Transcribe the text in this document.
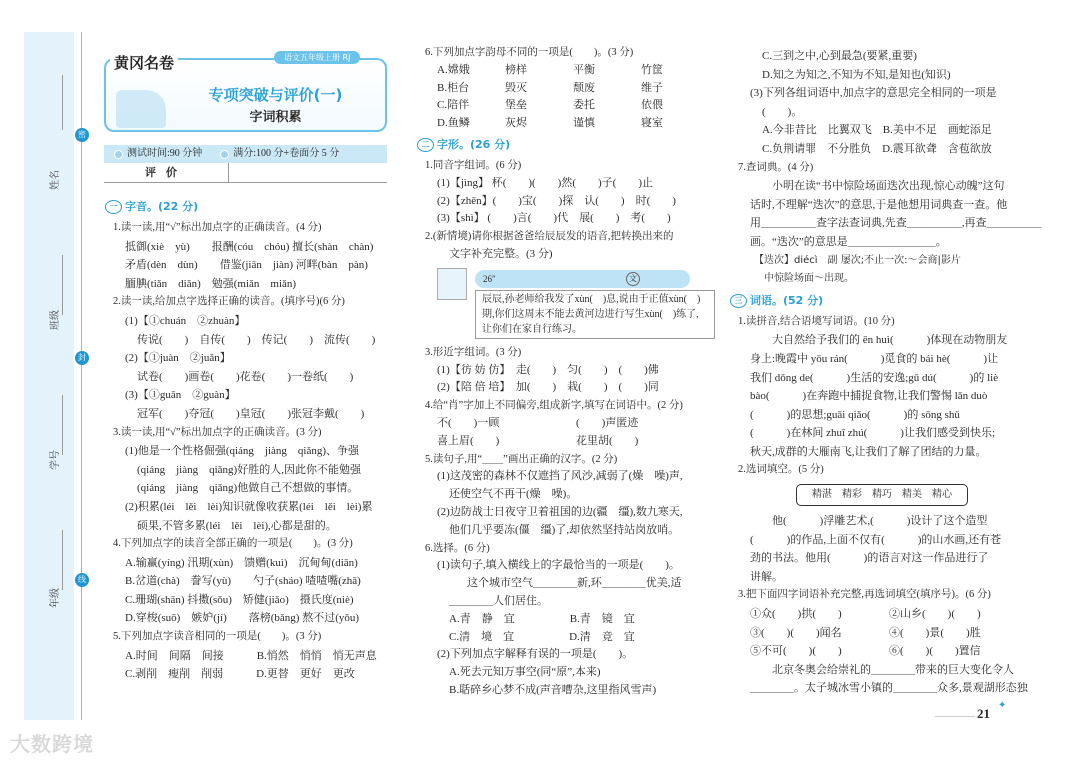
密
封
线
姓名
班级
学号
年级
大数跨境
专项突破与评价(一)
字词积累
黄冈名卷	语文五年级上册 RJ
测试时间:90 分钟	满分:100 分+卷面分 5 分
评价
一 字音。(22 分)
1.读一读,用“√”标出加点字的正确读音。(4 分)
抵御(xiè　yù)　　报酬(cóu　chóu) 擅长(shàn　chàn)
矛盾(dèn　dùn)　　借鉴(jiān　jiàn) 河畔(bàn　pàn)
腼腆(tiǎn　diǎn)　勉强(miǎn　miǎn)
2.读一读,给加点字选择正确的读音。(填序号)(6 分)
(1)【①chuán　②zhuàn】
传说(　　)　自传(　　)　传记(　　)　流传(　　)
(2)【①juàn　②juǎn】
试卷(　　)画卷(　　)花卷(　　)一卷纸(　　)
(3)【①guān　②guàn】
冠军(　　)夺冠(　　)皇冠(　　)张冠李戴(　　)
3.读一读,用“√”标出加点字的正确读音。(3 分)
(1)他是一个性格倔强(qiáng　jiàng　qiǎng)、争强
(qiáng　jiàng　qiǎng)好胜的人,因此你不能勉强
(qiáng　jiàng　qiǎng)他做自己不想做的事情。
(2)积累(léi　lěi　lèi)知识就像收获累(léi　lěi　lèi)累
硕果,不管多累(léi　lěi　lèi),心都是甜的。
4.下列加点字的读音全部正确的一项是(　　)。(3 分)
A.输赢(yíng) 汛期(xùn)　馈赠(kuì)　沉甸甸(diān)
B.岔道(chà)　誊写(yù)　　勺子(sháo) 喳喳嘴(zhā)
C.珊瑚(shān) 抖擞(sǒu)　矫健(jiǎo)　摄氏度(niè)
D.穿梭(suō)　嫉妒(jí)　　落榜(bǎng) 熬不过(yǒu)
5.下列加点字读音相同的一项是(　　)。(3 分)
A.时间　间隔　间接　　　B.悄然　悄悄　悄无声息
C.剥削　瘦削　削弱　　　D.更替　更好　更改
6.下列加点字韵母不同的一项是(　　)。(3 分)
A.嫦娥	榜样	平衡	竹筐
B.柜台	毁灭	颓废	维子
C.陪伴	堡垒	委托	依偎
D.鱼鳞	灰烬	谨慎	寝室
二 字形。(26 分)
1.同音字组词。(6 分)
(1)【jìng】 杯(　　)(　　)然(　　)子(　　)止
(2)【zhēn】(　　)宝(　　)探　认(　　)　时(　　)
(3)【shì】 (　　)言(　　)代　展(　　)　考(　　)
2.(新情境)请你根据爸爸给辰辰发的语音,把转换出来的
文字补充完整。(3 分)
26″	文
辰辰,孙老师给我发了xùn(　)息,说由于正值xùn(　)期,你们这周末不能去黄河边进行写生xùn(　)练了,让你们在家自行练习。
3.形近字组词。(3 分)
(1)【彷 妨 仿】　走(　　)　匀(　　)　(　　)佛
(2)【陪 倍 培】　加(　　)　栽(　　)　(　　)同
4.给“肖”字加上不同偏旁,组成新字,填写在词语中。(2 分)
不(　　)一顾	(　　)声匿迹
喜上眉(　　)	花里胡(　　)
5.读句子,用“＿＿”画出正确的汉字。(2 分)
(1)这茂密的森林不仅遮挡了风沙,减弱了(燥　噪)声,
还使空气不再干(燥　噪)。
(2)边防战士日夜守卫着祖国的边(疆　缰),数九寒天,
他们几乎要冻(僵　缰)了,却依然坚持站岗放哨。
6.选择。(6 分)
(1)读句子,填入横线上的字最恰当的一项是(　　)。
这个城市空气＿＿＿＿新,环＿＿＿＿优美,适
＿＿＿＿人们居住。
A.青　静　宜　　　　　B.青　镜　宜
C.清　境　宜　　　　　D.清　竞　宜
(2)下列加点字解释有误的一项是(　　)。
A.死去元知万事空(同“原”,本来)
B.聒碎乡心梦不成(声音嘈杂,这里指风雪声)
C.三到之中,心到最急(要紧,重要)
D.知之为知之,不知为不知,是知也(知识)
(3)下列各组词语中,加点字的意思完全相同的一项是
(　　)。
A.今非昔比　比翼双飞　B.美中不足　画蛇添足
C.负荆请罪　不分胜负　D.震耳欲聋　含苞欲放
7.查词典。(4 分)
小明在读“书中惊险场面迭次出现,惊心动魄”这句
话时,不理解“迭次”的意思,于是他想用词典查一查。他
用＿＿＿＿＿查字法查词典,先查＿＿＿＿＿,再查＿＿＿＿＿
画。“迭次”的意思是＿＿＿＿＿＿＿＿。
【迭次】diécì　副 屡次;不止一次:～会商|影片
　中惊险场面～出现。
三 词语。(52 分)
1.读拼音,结合语境写词语。(10 分)
大自然给予我们的 ēn huì(　　　)体现在动物朋友
身上:晚霞中 yōu rán(　　　)觅食的 bái hè(　　　)让
我们 dǒng de(　　　)生活的安逸;gū dú(　　　)的 liè
bào(　　　)在奔跑中捕捉食物,让我们警惕 lǎn duò
(　　　)的思想;guāi qiǎo(　　　)的 sōng shǔ
(　　　)在林间 zhuī zhú(　　　)让我们感受到快乐;
秋天,成群的大雁南飞,让我们了解了团结的力量。
2.选词填空。(5 分)
精湛　精彩　精巧　精美　精心
他(　　　)浮雕艺术,(　　　)设计了这个造型
(　　　)的作品,上面不仅有(　　　)的山水画,还有苍
劲的书法。他用(　　　)的语言对这一作品进行了
讲解。
3.把下面四字词语补充完整,再选词填空(填序号)。(6 分)
①众(　　)拱(　　)	②山乡(　　)(　　)
③(　　)(　　)闻名	④(　　)景(　　)胜
⑤不可(　　)(　　)	⑥(　　)(　　)置信
北京冬奥会给崇礼的＿＿＿＿带来的巨大变化令人
＿＿＿＿。太子城冰雪小镇的＿＿＿＿众多,景观湖形态独
21
✦
